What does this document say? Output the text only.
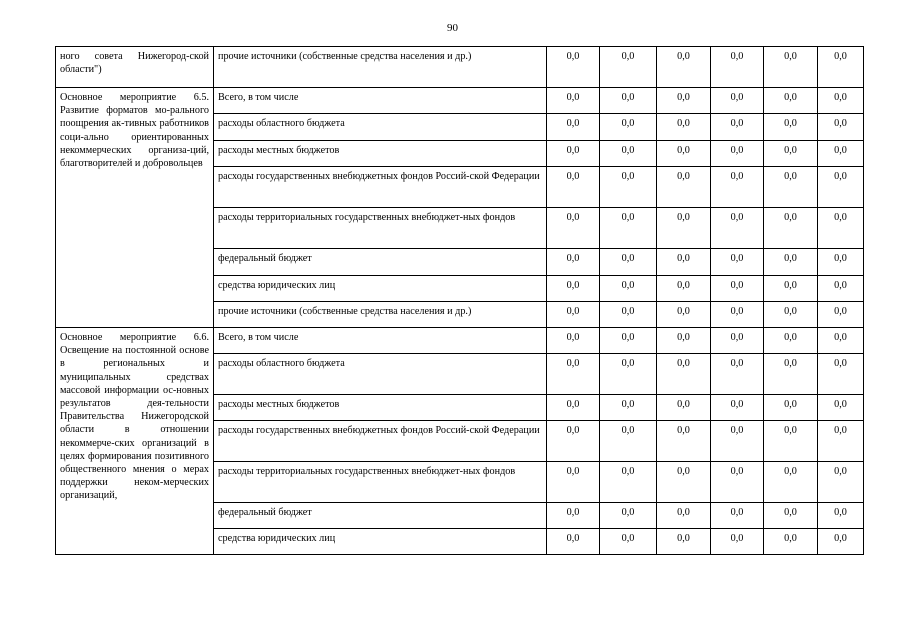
90
ного совета Нижегород-ской области")	прочие источники (собственные средства населения и др.)	0,0	0,0	0,0	0,0	0,0	0,0
Основное мероприятие 6.5. Развитие форматов мо-рального поощрения ак-тивных работников соци-ально ориентированных некоммерческих организа-ций, благотворителей и добровольцев	Всего, в том числе	0,0	0,0	0,0	0,0	0,0	0,0
	расходы областного бюджета	0,0	0,0	0,0	0,0	0,0	0,0
	расходы местных бюджетов	0,0	0,0	0,0	0,0	0,0	0,0
	расходы государственных внебюджетных фондов Россий-ской Федерации	0,0	0,0	0,0	0,0	0,0	0,0
	расходы территориальных государственных внебюджет-ных фондов	0,0	0,0	0,0	0,0	0,0	0,0
	федеральный бюджет	0,0	0,0	0,0	0,0	0,0	0,0
	средства юридических лиц	0,0	0,0	0,0	0,0	0,0	0,0
	прочие источники (собственные средства населения и др.)	0,0	0,0	0,0	0,0	0,0	0,0
Основное мероприятие 6.6. Освещение на постоянной основе в региональных и муниципальных средствах массовой информации ос-новных результатов дея-тельности Правительства Нижегородской области в отношении некоммерче-ских организаций в целях формирования позитивного общественного мнения о мерах поддержки неком-мерческих организаций,	Всего, в том числе	0,0	0,0	0,0	0,0	0,0	0,0
	расходы областного бюджета	0,0	0,0	0,0	0,0	0,0	0,0
	расходы местных бюджетов	0,0	0,0	0,0	0,0	0,0	0,0
	расходы государственных внебюджетных фондов Россий-ской Федерации	0,0	0,0	0,0	0,0	0,0	0,0
	расходы территориальных государственных внебюджет-ных фондов	0,0	0,0	0,0	0,0	0,0	0,0
	федеральный бюджет	0,0	0,0	0,0	0,0	0,0	0,0
	средства юридических лиц	0,0	0,0	0,0	0,0	0,0	0,0
